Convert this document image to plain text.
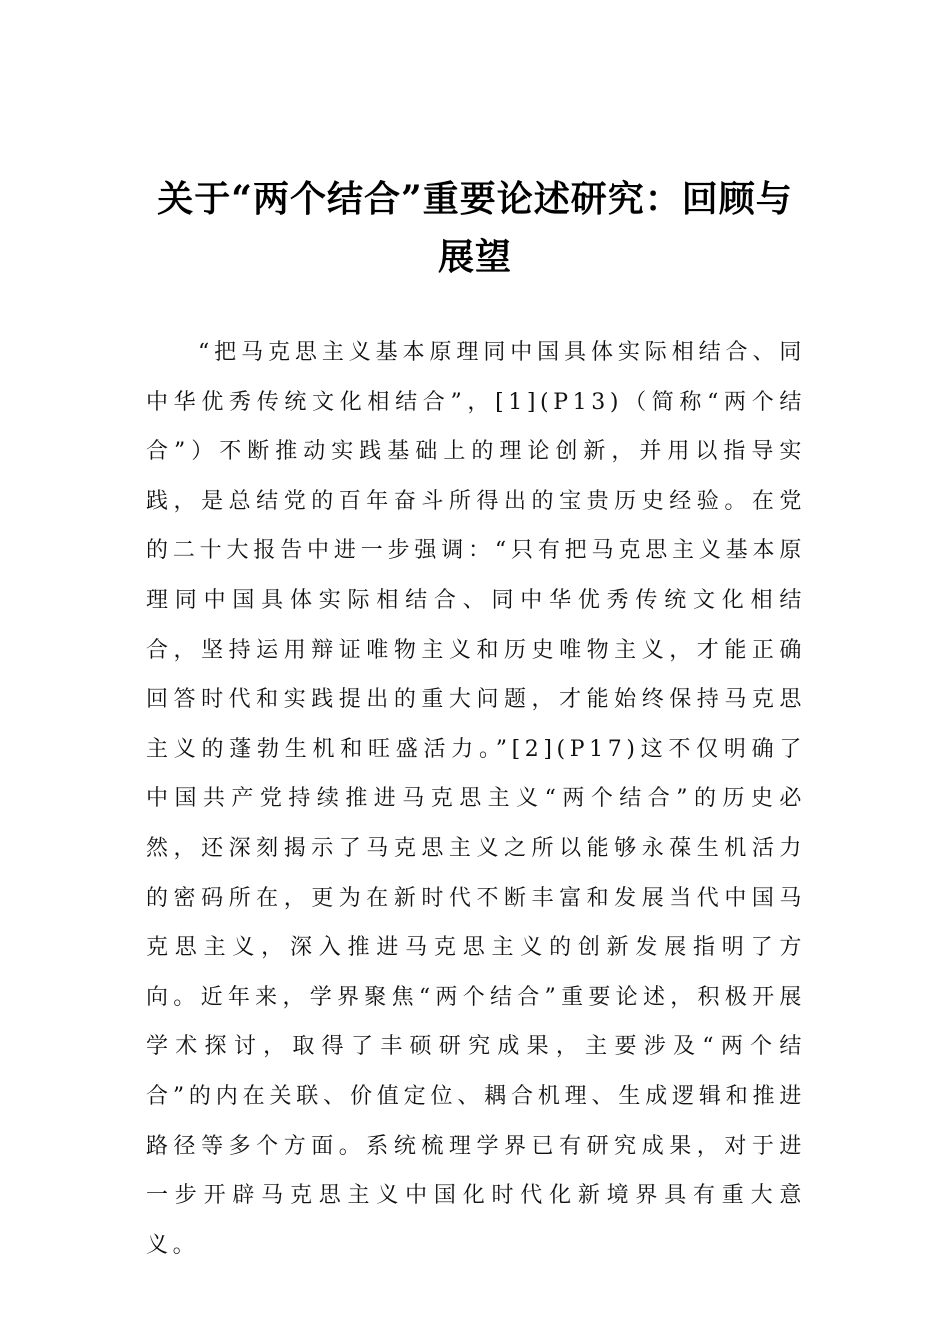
关于“两个结合”重要论述研究：回顾与展望

“把马克思主义基本原理同中国具体实际相结合、同中华优秀传统文化相结合”，[1](P13)（简称“两个结合”）不断推动实践基础上的理论创新，并用以指导实践，是总结党的百年奋斗所得出的宝贵历史经验。在党的二十大报告中进一步强调：“只有把马克思主义基本原理同中国具体实际相结合、同中华优秀传统文化相结合，坚持运用辩证唯物主义和历史唯物主义，才能正确回答时代和实践提出的重大问题，才能始终保持马克思主义的蓬勃生机和旺盛活力。”[2](P17)这不仅明确了中国共产党持续推进马克思主义“两个结合”的历史必然，还深刻揭示了马克思主义之所以能够永葆生机活力的密码所在，更为在新时代不断丰富和发展当代中国马克思主义，深入推进马克思主义的创新发展指明了方向。近年来，学界聚焦“两个结合”重要论述，积极开展学术探讨，取得了丰硕研究成果，主要涉及“两个结合”的内在关联、价值定位、耦合机理、生成逻辑和推进路径等多个方面。系统梳理学界已有研究成果，对于进一步开辟马克思主义中国化时代化新境界具有重大意义。
